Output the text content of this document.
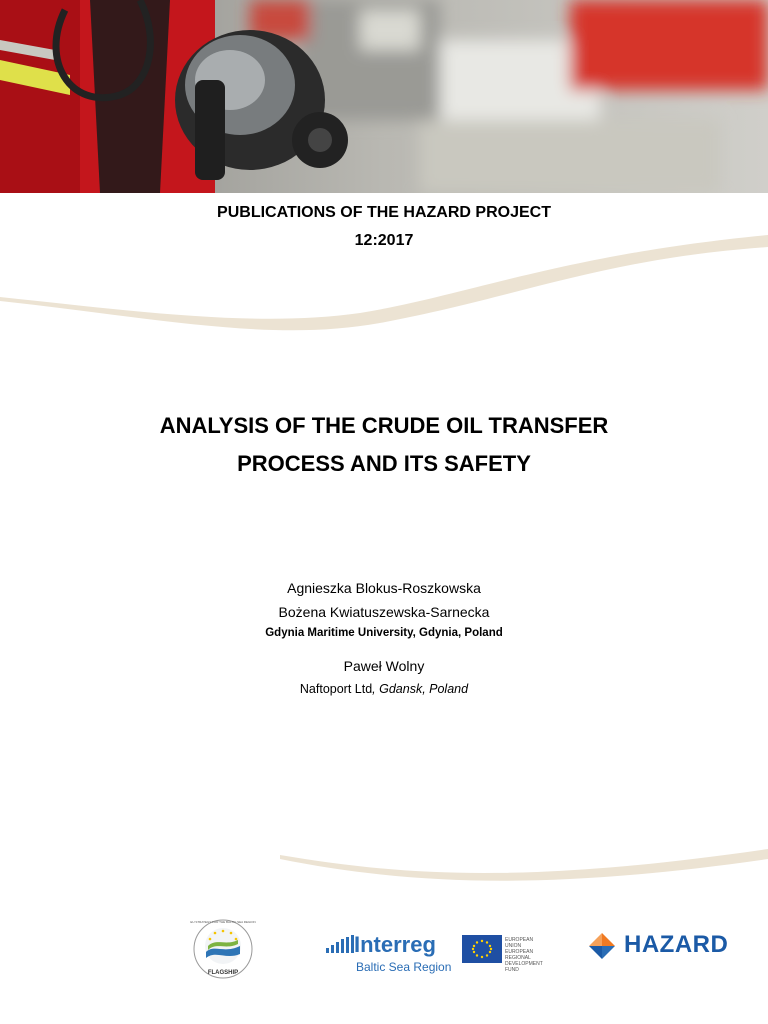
PUBLICATIONS OF THE HAZARD PROJECT
12:2017
ANALYSIS OF THE CRUDE OIL TRANSFER
PROCESS AND ITS SAFETY
Agnieszka Blokus-Roszkowska
Bożena Kwiatuszewska-Sarnecka
Gdynia Maritime University, Gdynia, Poland
Paweł Wolny
Naftoport Ltd, Gdansk, Poland
FLAGSHIP
EU STRATEGY FOR THE BALTIC SEA REGION
Interreg
Baltic Sea Region
EUROPEAN UNION
EUROPEAN REGIONAL DEVELOPMENT FUND
HAZARD
